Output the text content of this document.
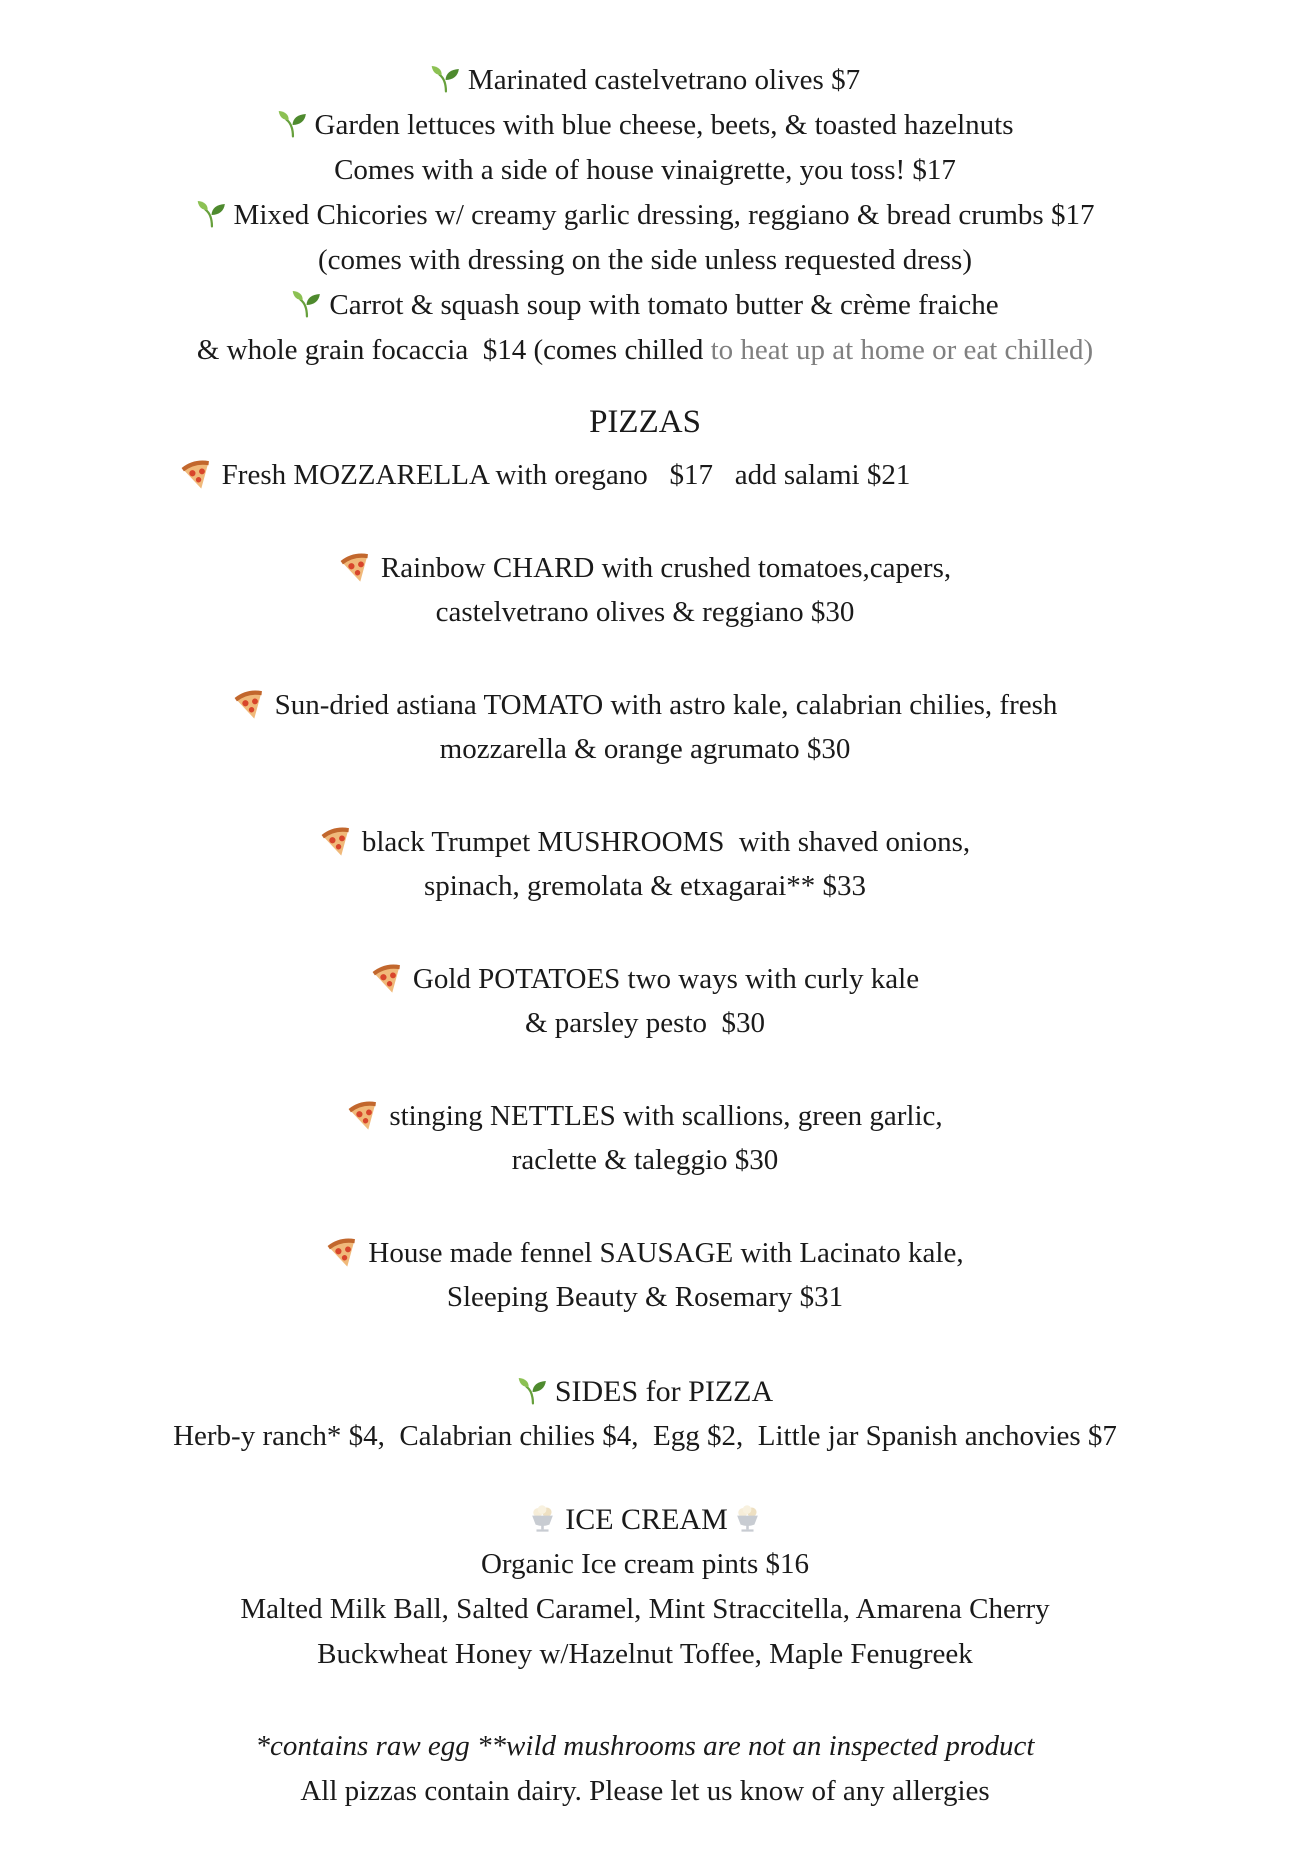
Marinated castelvetrano olives $7
Garden lettuces with blue cheese, beets, & toasted hazelnuts
Comes with a side of house vinaigrette, you toss! $17
Mixed Chicories w/ creamy garlic dressing, reggiano & bread crumbs $17
(comes with dressing on the side unless requested dress)
Carrot & squash soup with tomato butter & crème fraiche
& whole grain focaccia  $14 (comes chilled to heat up at home or eat chilled)
PIZZAS
Fresh MOZZARELLA with oregano   $17   add salami $21
Rainbow CHARD with crushed tomatoes,capers,
castelvetrano olives & reggiano $30
Sun-dried astiana TOMATO with astro kale, calabrian chilies, fresh
mozzarella & orange agrumato $30
black Trumpet MUSHROOMS  with shaved onions,
spinach, gremolata & etxagarai** $33
Gold POTATOES two ways with curly kale
& parsley pesto  $30
stinging NETTLES with scallions, green garlic,
raclette & taleggio $30
House made fennel SAUSAGE with Lacinato kale,
Sleeping Beauty & Rosemary $31
SIDES for PIZZA
Herb-y ranch* $4,  Calabrian chilies $4,  Egg $2,  Little jar Spanish anchovies $7
ICE CREAM
Organic Ice cream pints $16
Malted Milk Ball, Salted Caramel, Mint Straccitella, Amarena Cherry
Buckwheat Honey w/Hazelnut Toffee, Maple Fenugreek
*contains raw egg **wild mushrooms are not an inspected product
All pizzas contain dairy. Please let us know of any allergies
